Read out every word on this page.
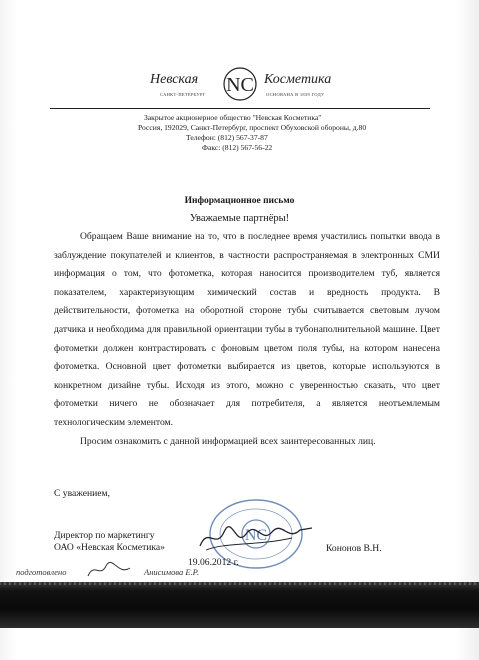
Невская NC Косметика
САНКТ-ПЕТЕРБУРГ	ОСНОВАНА В 1839 ГОДУ
Закрытое акционерное общество "Невская Косметика"
Россия, 192029, Санкт-Петербург, проспект Обуховской обороны, д.80
Телефон: (812) 567-37-87
Факс: (812) 567-56-22
Информационное письмо
Уважаемые партнёры!

Обращаем Ваше внимание на то, что в последнее время участились попытки ввода в заблуждение покупателей и клиентов, в частности распространяемая в электронных СМИ информация о том, что фотометка, которая наносится производителем туб, является показателем, характеризующим химический состав и вредность продукта. В действительности, фотометка на оборотной стороне тубы считывается световым лучом датчика и необходима для правильной ориентации тубы в тубонаполнительной машине. Цвет фотометки должен контрастировать с фоновым цветом поля тубы, на котором нанесена фотометка. Основной цвет фотометки выбирается из цветов, которые используются в конкретном дизайне тубы. Исходя из этого, можно с уверенностью сказать, что цвет фотометки ничего не обозначает для потребителя, а является неотъемлемым технологическим элементом.

Просим ознакомить с данной информацией всех заинтересованных лиц.

С уважением,
Директор по маркетингу
ОАО «Невская Косметика»
NC
Кононов В.Н.
19.06.2012 г.
подготовлено	Анисимова Е.Р.
